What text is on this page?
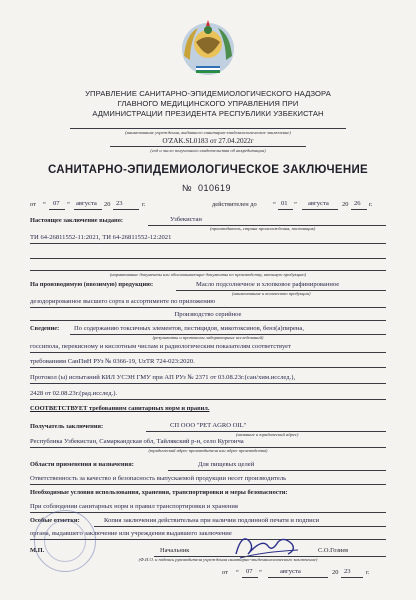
УПРАВЛЕНИЕ САНИТАРНО-ЭПИДЕМИОЛОГИЧЕСКОГО НАДЗОРА
ГЛАВНОГО МЕДИЦИНСКОГО УПРАВЛЕНИЯ ПРИ
АДМИНИСТРАЦИИ ПРЕЗИДЕНТА РЕСПУБЛИКИ УЗБЕКИСТАН
(наименование учреждения, выдавшего санитарно-эпидемиологическое заключение)
O'ZAK.SL0183 от 27.04.2022г
(год и число полученного свидетельства об аккредитации)
САНИТАРНО-ЭПИДЕМИОЛОГИЧЕСКОЕ ЗАКЛЮЧЕНИЕ
№ 010619
от “ 07 ” августа 20 23	г.	действителен до	“ 01 ” августа 20 26 г.
Настоящее заключение выдано:	Узбекистан
(производитель, страна происхождения, поставщик)
ТИ 64-26811552-11:2021, ТИ 64-26811552-12:2021
(нормативные документы или обосновывающие документы по производству, ввозимую продукцию)
На производимую (ввозимую) продукцию:	Масло подсолнечное и хлопковое рафинированное
(наименование и количество продукции)
дезодорированное высшего сорта в ассортименте по приложению
Производство серийное
Сведение: По содержанию токсичных элементов, пестицидов, микотоксинов, бенз(а)пирена,
(результаты и протоколы лабораторных исследований)
госсипола, перекисному и кислотным числам и радиологическим показателям соответствует
требованиям СанПиН РУз № 0366-19, UzTR 724-023:2020.
Протокол (ы) испытаний КИЛ УСЭН ГМУ при АП РУз № 2371 от 03.08.23г.(сан/хим.исслед.),
2428 от 02.08.23г.(рад.исслед.).
СООТВЕТСТВУЕТ требованиям санитарных норм и правил.
Получатель заключения:	СП ООО "PET AGRO OIL"
(название и юридический адрес)
Республика Узбекистан, Самаркандская обл, Тайлякский р-н, село Кургонча
(юридический адрес производителя или адрес производства)
Области применения и назначения:	Для пищевых целей
Ответственность за качество и безопасность выпускаемой продукции несет производитель
Необходимые условия использования, хранения, транспортировки и меры безопасности:
При соблюдении санитарных норм и правил транспортировки и хранения
Особые отметки:	Копия заключения действительна при наличии подлинной печати и подписи
органа, выдавшего заключение или учреждения выдавшего заключение
М.П.	Начальник	С.О.Гозиев
(Ф.И.О. и подпись руководителя учреждения санитарно-эпидемиологического заключение)
от “ 07 ”	августа	20 23 г.
